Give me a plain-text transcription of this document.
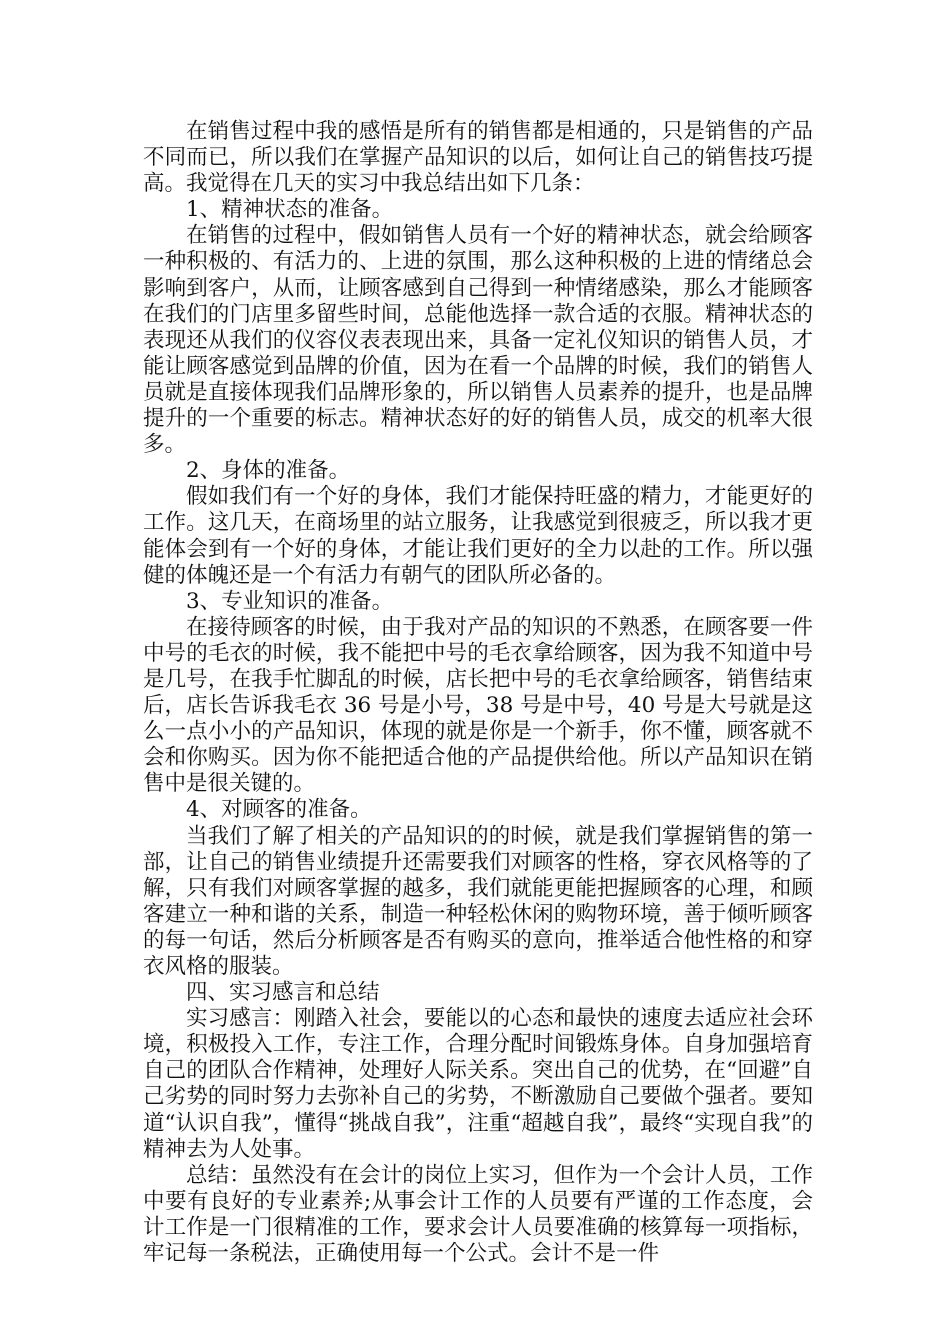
在销售过程中我的感悟是所有的销售都是相通的，只是销售的产品不同而已，所以我们在掌握产品知识的以后，如何让自己的销售技巧提高。我觉得在几天的实习中我总结出如下几条：

1、精神状态的准备。

在销售的过程中，假如销售人员有一个好的精神状态，就会给顾客一种积极的、有活力的、上进的氛围，那么这种积极的上进的情绪总会影响到客户，从而，让顾客感到自己得到一种情绪感染，那么才能顾客在我们的门店里多留些时间，总能他选择一款合适的衣服。精神状态的表现还从我们的仪容仪表表现出来，具备一定礼仪知识的销售人员，才能让顾客感觉到品牌的价值，因为在看一个品牌的时候，我们的销售人员就是直接体现我们品牌形象的，所以销售人员素养的提升，也是品牌提升的一个重要的标志。精神状态好的好的销售人员，成交的机率大很多。

2、身体的准备。

假如我们有一个好的身体，我们才能保持旺盛的精力，才能更好的工作。这几天，在商场里的站立服务，让我感觉到很疲乏，所以我才更能体会到有一个好的身体，才能让我们更好的全力以赴的工作。所以强健的体魄还是一个有活力有朝气的团队所必备的。

3、专业知识的准备。

在接待顾客的时候，由于我对产品的知识的不熟悉，在顾客要一件中号的毛衣的时候，我不能把中号的毛衣拿给顾客，因为我不知道中号是几号，在我手忙脚乱的时候，店长把中号的毛衣拿给顾客，销售结束后，店长告诉我毛衣 36 号是小号，38 号是中号，40 号是大号就是这么一点小小的产品知识，体现的就是你是一个新手，你不懂，顾客就不会和你购买。因为你不能把适合他的产品提供给他。所以产品知识在销售中是很关键的。

4、对顾客的准备。

当我们了解了相关的产品知识的的时候，就是我们掌握销售的第一部，让自己的销售业绩提升还需要我们对顾客的性格，穿衣风格等的了解，只有我们对顾客掌握的越多，我们就能更能把握顾客的心理，和顾客建立一种和谐的关系，制造一种轻松休闲的购物环境，善于倾听顾客的每一句话，然后分析顾客是否有购买的意向，推举适合他性格的和穿衣风格的服装。

四、实习感言和总结

实习感言：刚踏入社会，要能以的心态和最快的速度去适应社会环境，积极投入工作，专注工作，合理分配时间锻炼身体。自身加强培育自己的团队合作精神，处理好人际关系。突出自己的优势，在“回避”自己劣势的同时努力去弥补自己的劣势，不断激励自己要做个强者。要知道“认识自我”，懂得“挑战自我”，注重“超越自我”，最终“实现自我”的精神去为人处事。

总结：虽然没有在会计的岗位上实习，但作为一个会计人员，工作中要有良好的专业素养;从事会计工作的人员要有严谨的工作态度，会计工作是一门很精准的工作，要求会计人员要准确的核算每一项指标，牢记每一条税法，正确使用每一个公式。会计不是一件
